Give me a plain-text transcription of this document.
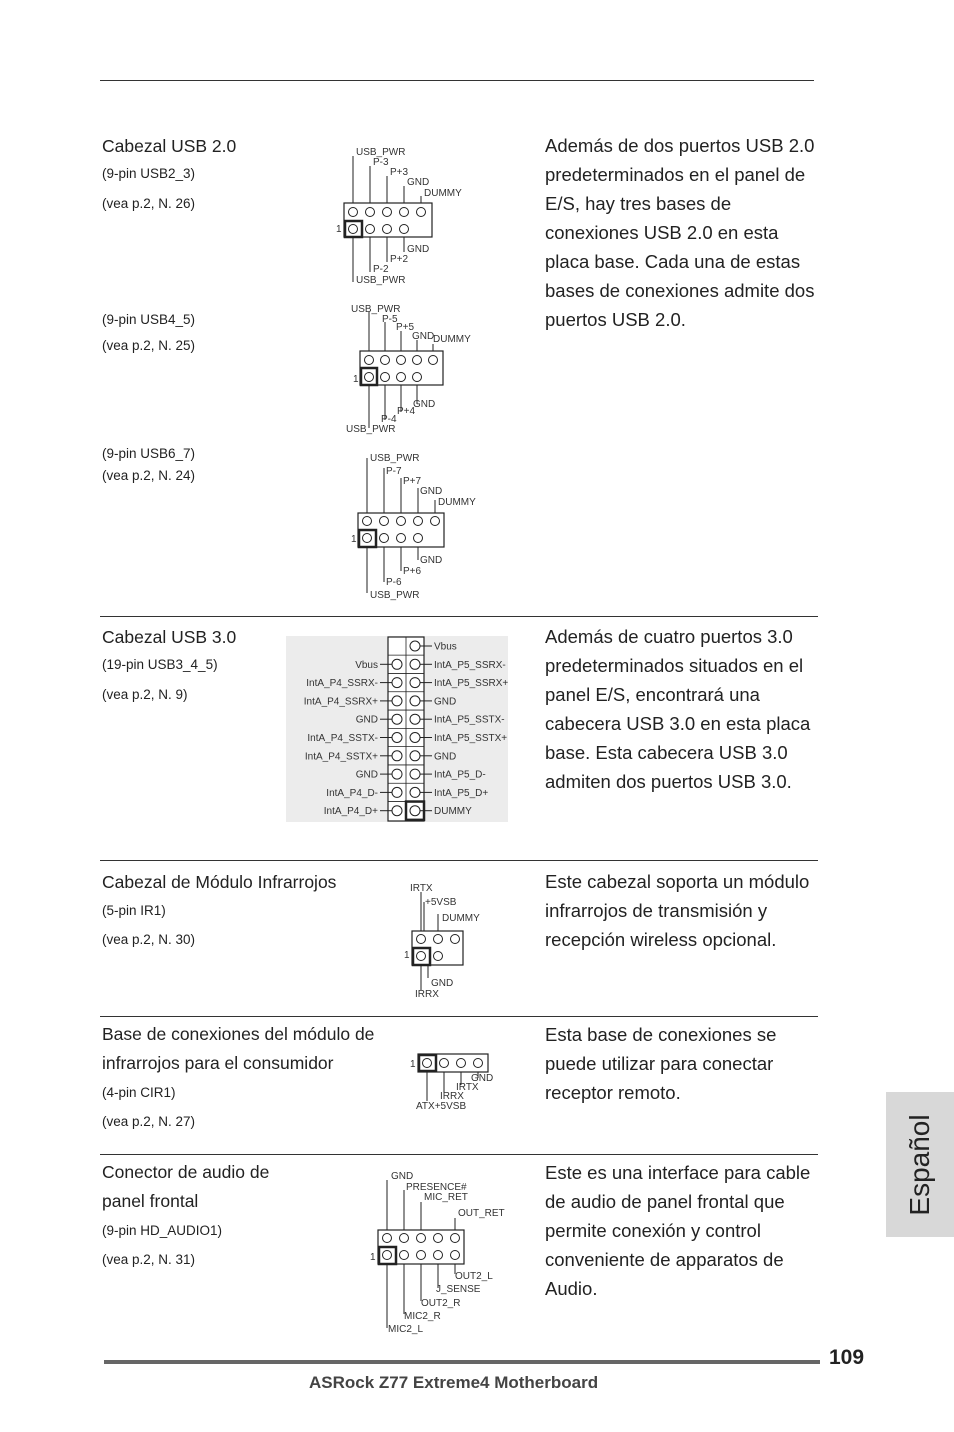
Cabezal USB 2.0
(9-pin USB2_3)
(vea p.2, N. 26)
(9-pin USB4_5)
(vea p.2, N. 25)
(9-pin USB6_7)
(vea p.2, N. 24)
Además de dos puertos USB 2.0 predeterminados en el panel de E/S, hay tres bases de conexiones USB 2.0 en esta placa base. Cada una de estas bases de conexiones admite dos puertos USB 2.0.
USB_PWR
P-3
P+3
GND
DUMMY
GND
P+2
P-2
USB_PWR
1
USB_PWR
P-5
P+5
GND
DUMMY
GND
P+4
P-4
USB_PWR
1
USB_PWR
P-7
P+7
GND
DUMMY
GND
P+6
P-6
USB_PWR
1
Cabezal USB 3.0
(19-pin USB3_4_5)
(vea p.2, N. 9)
Además de cuatro puertos 3.0 predeterminados situados en el panel E/S, encontrará una cabecera USB 3.0 en esta placa base. Esta cabecera USB 3.0 admiten dos puertos USB 3.0.
Vbus
IntA_P5_SSRX-
Vbus
IntA_P5_SSRX+
IntA_P4_SSRX-
GND
IntA_P4_SSRX+
IntA_P5_SSTX-
GND
IntA_P5_SSTX+
IntA_P4_SSTX-
GND
IntA_P4_SSTX+
IntA_P5_D-
GND
IntA_P5_D+
IntA_P4_D-
DUMMY
IntA_P4_D+
Cabezal de Módulo Infrarrojos
(5-pin IR1)
(vea p.2, N. 30)
Este cabezal soporta un módulo infrarrojos de transmisión y recepción wireless opcional.
IRTX
+5VSB
DUMMY
GND
IRRX
1
Base de conexiones del módulo de
infrarrojos para el consumidor
(4-pin CIR1)
(vea p.2, N. 27)
Esta base de conexiones se puede utilizar para conectar receptor remoto.
GND
IRTX
IRRX
ATX+5VSB
1
Conector de audio de
panel frontal
(9-pin HD_AUDIO1)
(vea p.2, N. 31)
Este es una interface para cable de audio de panel frontal que permite conexión y control conveniente de apparatos de Audio.
GND
PRESENCE#
MIC_RET
OUT_RET
OUT2_L
J_SENSE
OUT2_R
MIC2_R
MIC2_L
1
Español
109
ASRock Z77 Extreme4 Motherboard
